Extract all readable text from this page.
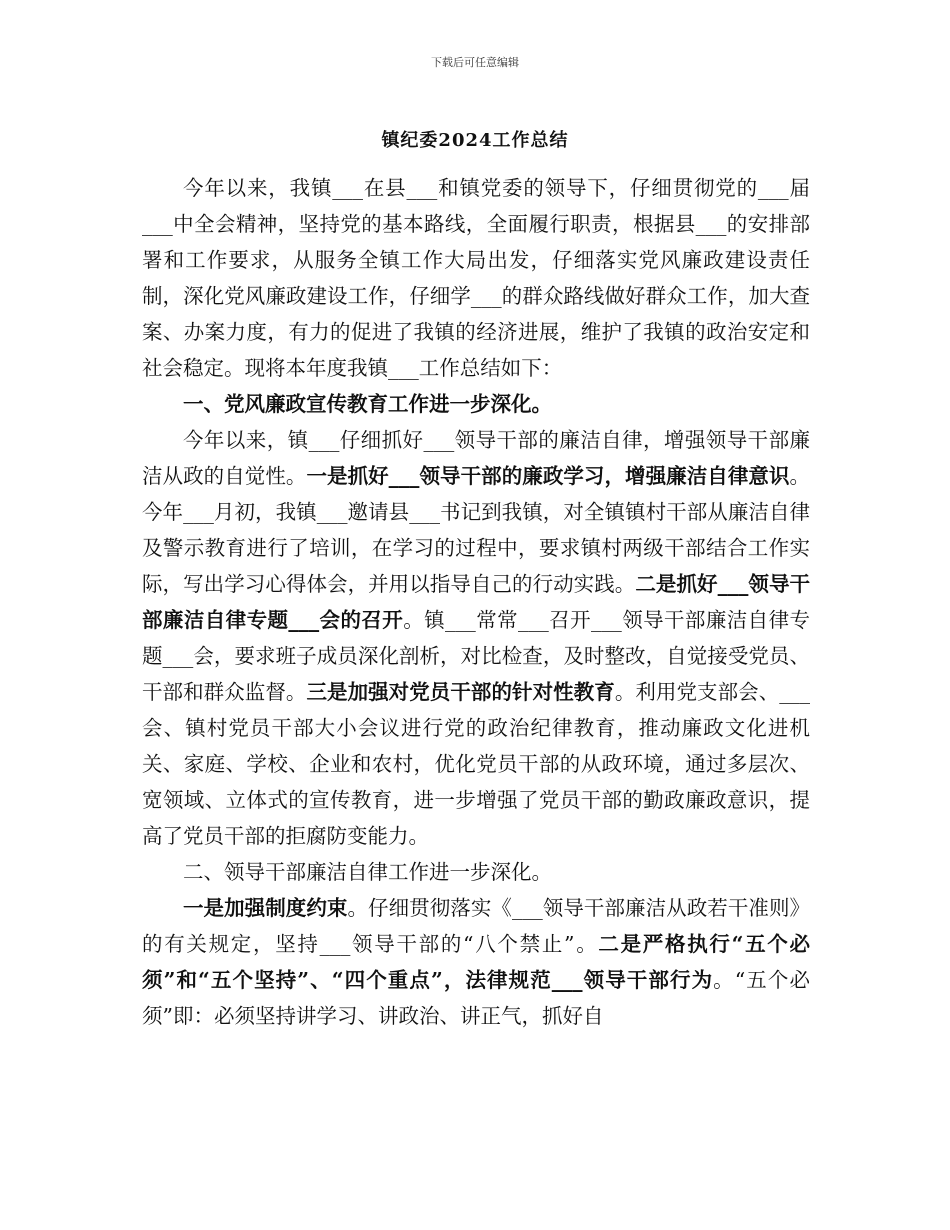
下载后可任意编辑
镇纪委2024工作总结

今年以来，我镇___在县___和镇党委的领导下，仔细贯彻党的___届___中全会精神，坚持党的基本路线，全面履行职责，根据县___的安排部署和工作要求，从服务全镇工作大局出发，仔细落实党风廉政建设责任制，深化党风廉政建设工作，仔细学___的群众路线做好群众工作，加大查案、办案力度，有力的促进了我镇的经济进展，维护了我镇的政治安定和社会稳定。现将本年度我镇___工作总结如下：

一、党风廉政宣传教育工作进一步深化。

今年以来，镇___仔细抓好___领导干部的廉洁自律，增强领导干部廉洁从政的自觉性。一是抓好___领导干部的廉政学习，增强廉洁自律意识。今年___月初，我镇___邀请县___书记到我镇，对全镇镇村干部从廉洁自律及警示教育进行了培训，在学习的过程中，要求镇村两级干部结合工作实际，写出学习心得体会，并用以指导自己的行动实践。二是抓好___领导干部廉洁自律专题___会的召开。镇___常常___召开___领导干部廉洁自律专题___会，要求班子成员深化剖析，对比检查，及时整改，自觉接受党员、干部和群众监督。三是加强对党员干部的针对性教育。利用党支部会、___会、镇村党员干部大小会议进行党的政治纪律教育，推动廉政文化进机关、家庭、学校、企业和农村，优化党员干部的从政环境，通过多层次、宽领域、立体式的宣传教育，进一步增强了党员干部的勤政廉政意识，提高了党员干部的拒腐防变能力。

二、领导干部廉洁自律工作进一步深化。

一是加强制度约束。仔细贯彻落实《___领导干部廉洁从政若干准则》的有关规定，坚持___领导干部的“八个禁止”。二是严格执行“五个必须”和“五个坚持”、“四个重点”，法律规范___领导干部行为。“五个必须”即：必须坚持讲学习、讲政治、讲正气，抓好自
